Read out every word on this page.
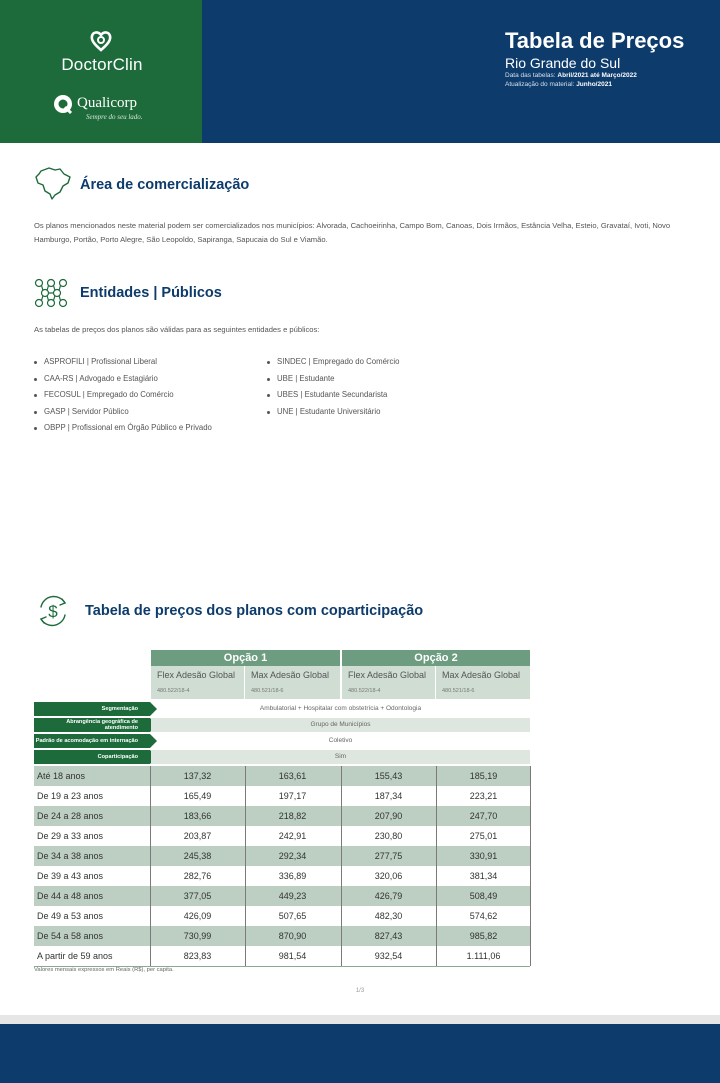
DoctorClin
Qualicorp
Sempre do seu lado.
Tabela de Preços
Rio Grande do Sul
Data das tabelas: Abril/2021 até Março/2022
Atualização do material: Junho/2021
Área de comercialização
Os planos mencionados neste material podem ser comercializados nos municípios: Alvorada, Cachoeirinha, Campo Bom, Canoas, Dois Irmãos, Estância Velha, Esteio, Gravataí, Ivoti, Novo Hamburgo, Portão, Porto Alegre, São Leopoldo, Sapiranga, Sapucaia do Sul e Viamão.
Entidades | Públicos
As tabelas de preços dos planos são válidas para as seguintes entidades e públicos:
ASPROFILI | Profissional Liberal
CAA-RS | Advogado e Estagiário
FECOSUL | Empregado do Comércio
GASP | Servidor Público
OBPP | Profissional em Órgão Público e Privado
SINDEC | Empregado do Comércio
UBE | Estudante
UBES | Estudante Secundarista
UNE | Estudante Universitário
$ Tabela de preços dos planos com coparticipação
Opção 1	Opção 2
Flex Adesão Global
480.522/18-4
Max Adesão Global
480.521/18-6
Flex Adesão Global
480.522/18-4
Max Adesão Global
480.521/18-6
Segmentação	Ambulatorial + Hospitalar com obstetrícia + Odontologia
Abrangência geográfica de atendimento	Grupo de Municípios
Padrão de acomodação em internação	Coletivo
Coparticipação	Sim
Até 18 anos	137,32	163,61	155,43	185,19
De 19 a 23 anos	165,49	197,17	187,34	223,21
De 24 a 28 anos	183,66	218,82	207,90	247,70
De 29 a 33 anos	203,87	242,91	230,80	275,01
De 34 a 38 anos	245,38	292,34	277,75	330,91
De 39 a 43 anos	282,76	336,89	320,06	381,34
De 44 a 48 anos	377,05	449,23	426,79	508,49
De 49 a 53 anos	426,09	507,65	482,30	574,62
De 54 a 58 anos	730,99	870,90	827,43	985,82
A partir de 59 anos	823,83	981,54	932,54	1.111,06
Valores mensais expressos em Reais (R$), per capita.
1/3
